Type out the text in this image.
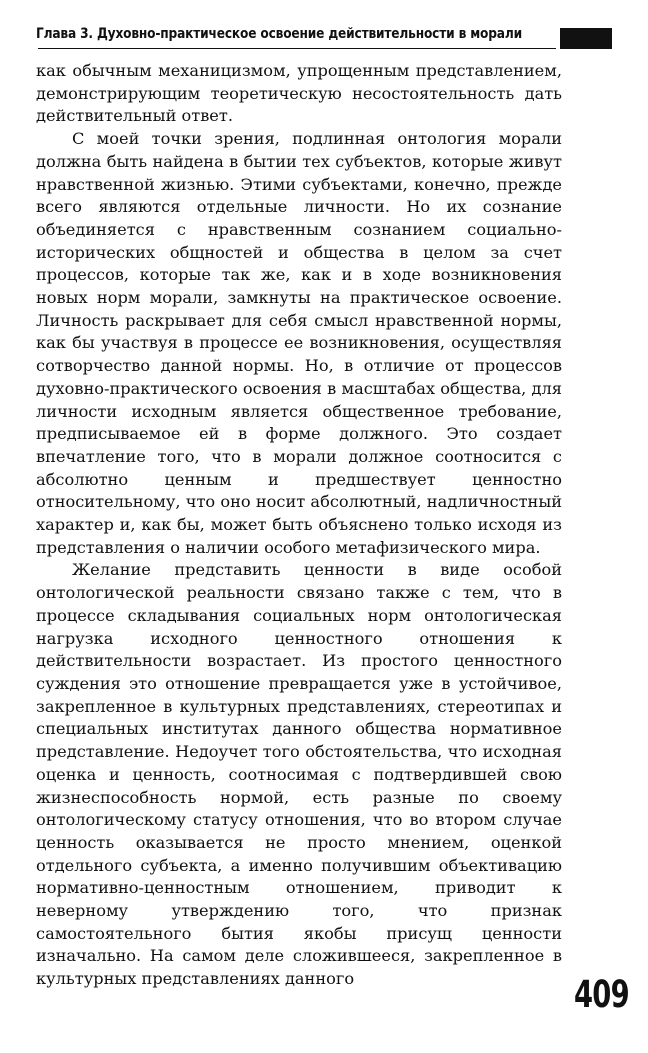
Глава 3. Духовно-практическое освоение действительности в морали

как обычным механицизмом, упрощенным представлением, демонстрирующим теоретическую несостоятельность дать действительный ответ.

С моей точки зрения, подлинная онтология морали должна быть найдена в бытии тех субъектов, которые живут нравственной жизнью. Этими субъектами, конечно, прежде всего являются отдельные личности. Но их сознание объединяется с нравственным сознанием социально-исторических общностей и общества в целом за счет процессов, которые так же, как и в ходе возникновения новых норм морали, замкнуты на практическое освоение. Личность раскрывает для себя смысл нравственной нормы, как бы участвуя в процессе ее возникновения, осуществляя сотворчество данной нормы. Но, в отличие от процессов духовно-практического освоения в масштабах общества, для личности исходным является общественное требование, предписываемое ей в форме должного. Это создает впечатление того, что в морали должное соотносится с абсолютно ценным и предшествует ценностно относительному, что оно носит абсолютный, надличностный характер и, как бы, может быть объяснено только исходя из представления о наличии особого метафизического мира.

Желание представить ценности в виде особой онтологической реальности связано также с тем, что в процессе складывания социальных норм онтологическая нагрузка исходного ценностного отношения к действительности возрастает. Из простого ценностного суждения это отношение превращается уже в устойчивое, закрепленное в культурных представлениях, стереотипах и специальных институтах данного общества нормативное представление. Недоучет того обстоятельства, что исходная оценка и ценность, соотносимая с подтвердившей свою жизнеспособность нормой, есть разные по своему онтологическому статусу отношения, что во втором случае ценность оказывается не просто мнением, оценкой отдельного субъекта, а именно получившим объективацию нормативно-ценностным отношением, приводит к неверному утверждению того, что признак самостоятельного бытия якобы присущ ценности изначально. На самом деле сложившееся, закрепленное в культурных представлениях данного	409
